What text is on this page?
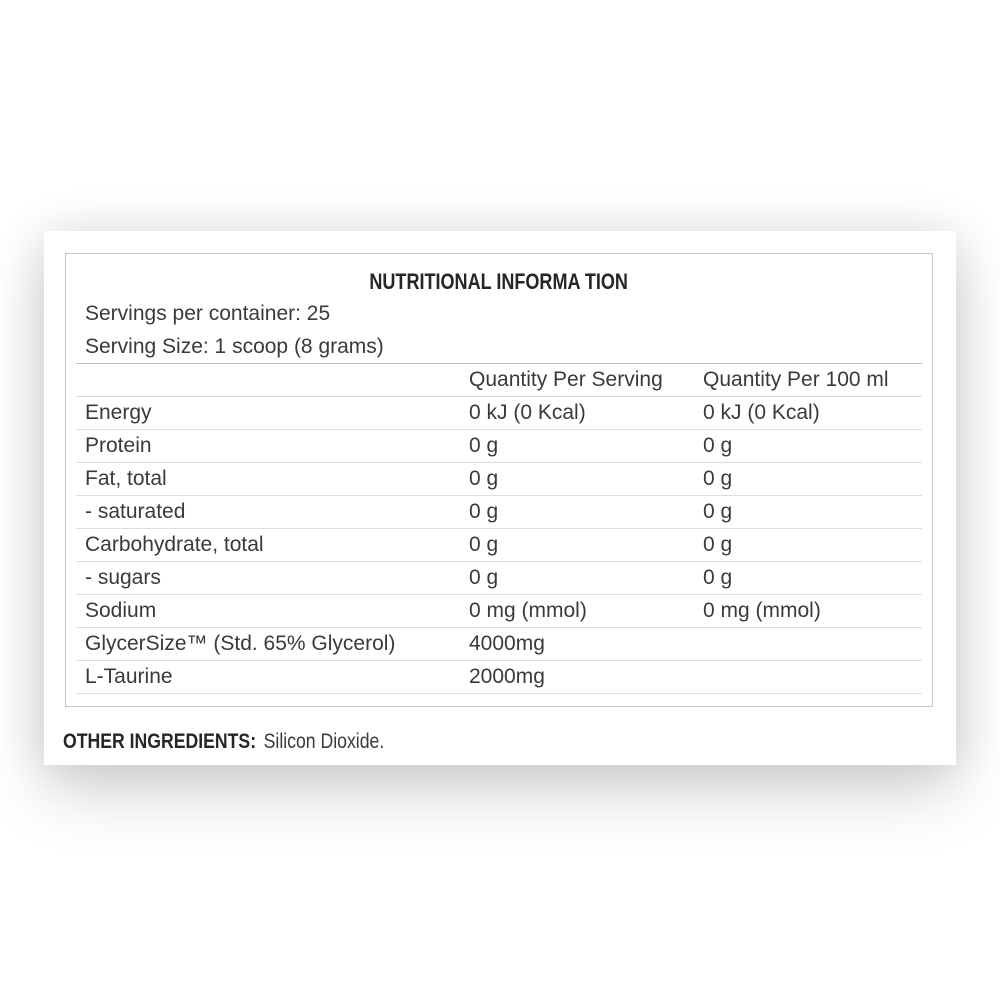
NUTRITIONAL INFORMA TION
Servings per container: 25		
Serving Size: 1 scoop (8 grams)		
	Quantity Per Serving	Quantity Per 100 ml
Energy	0 kJ (0 Kcal)	0 kJ (0 Kcal)
Protein	0 g	0 g
Fat, total	0 g	0 g
- saturated	0 g	0 g
Carbohydrate, total	0 g	0 g
- sugars	0 g	0 g
Sodium	0 mg (mmol)	0 mg (mmol)
GlycerSize™ (Std. 65% Glycerol)	4000mg	
L-Taurine	2000mg	
OTHER INGREDIENTS: Silicon Dioxide.
